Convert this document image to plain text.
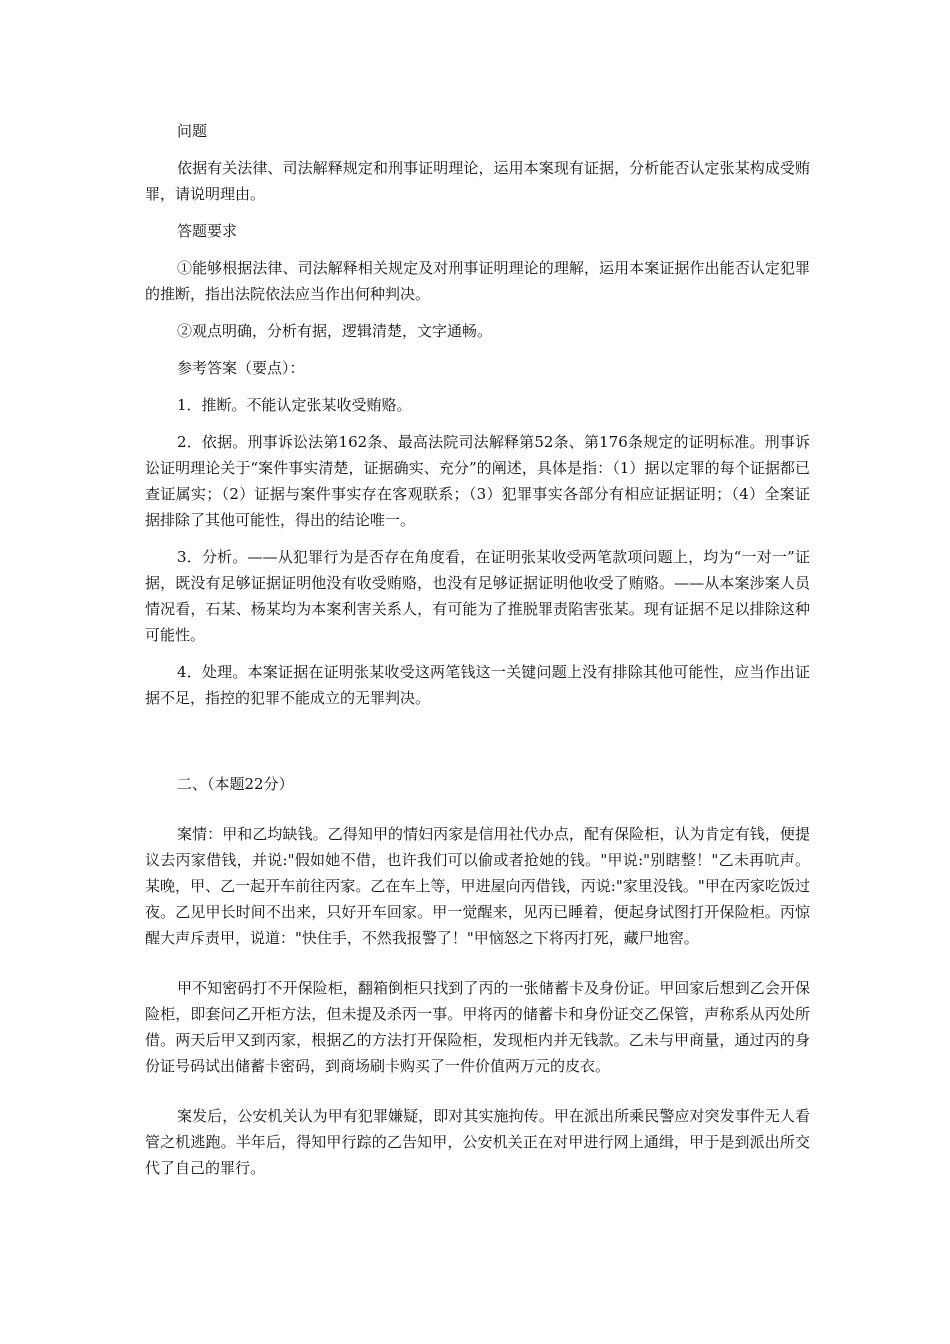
问题

依据有关法律、司法解释规定和刑事证明理论，运用本案现有证据，分析能否认定张某构成受贿罪，请说明理由。

答题要求

①能够根据法律、司法解释相关规定及对刑事证明理论的理解，运用本案证据作出能否认定犯罪的推断，指出法院依法应当作出何种判决。

②观点明确，分析有据，逻辑清楚，文字通畅。

参考答案（要点）：

1．推断。不能认定张某收受贿赂。

2．依据。刑事诉讼法第162条、最高法院司法解释第52条、第176条规定的证明标准。刑事诉讼证明理论关于“案件事实清楚，证据确实、充分”的阐述，具体是指：（1）据以定罪的每个证据都已查证属实；（2）证据与案件事实存在客观联系；（3）犯罪事实各部分有相应证据证明；（4）全案证据排除了其他可能性，得出的结论唯一。

3．分析。——从犯罪行为是否存在角度看，在证明张某收受两笔款项问题上，均为“一对一”证据，既没有足够证据证明他没有收受贿赂，也没有足够证据证明他收受了贿赂。——从本案涉案人员情况看，石某、杨某均为本案利害关系人，有可能为了推脱罪责陷害张某。现有证据不足以排除这种可能性。

4．处理。本案证据在证明张某收受这两笔钱这一关键问题上没有排除其他可能性，应当作出证据不足，指控的犯罪不能成立的无罪判决。

二、（本题22分）

案情：甲和乙均缺钱。乙得知甲的情妇丙家是信用社代办点，配有保险柜，认为肯定有钱，便提议去丙家借钱，并说:"假如她不借，也许我们可以偷或者抢她的钱。"甲说:"别瞎整！"乙未再吭声。某晚，甲、乙一起开车前往丙家。乙在车上等，甲进屋向丙借钱，丙说:"家里没钱。"甲在丙家吃饭过夜。乙见甲长时间不出来，只好开车回家。甲一觉醒来，见丙已睡着，便起身试图打开保险柜。丙惊醒大声斥责甲，说道："快住手，不然我报警了！"甲恼怒之下将丙打死，藏尸地窖。

甲不知密码打不开保险柜，翻箱倒柜只找到了丙的一张储蓄卡及身份证。甲回家后想到乙会开保险柜，即套问乙开柜方法，但未提及杀丙一事。甲将丙的储蓄卡和身份证交乙保管，声称系从丙处所借。两天后甲又到丙家，根据乙的方法打开保险柜，发现柜内并无钱款。乙未与甲商量，通过丙的身份证号码试出储蓄卡密码，到商场刷卡购买了一件价值两万元的皮衣。

案发后，公安机关认为甲有犯罪嫌疑，即对其实施拘传。甲在派出所乘民警应对突发事件无人看管之机逃跑。半年后，得知甲行踪的乙告知甲，公安机关正在对甲进行网上通缉，甲于是到派出所交代了自己的罪行。
